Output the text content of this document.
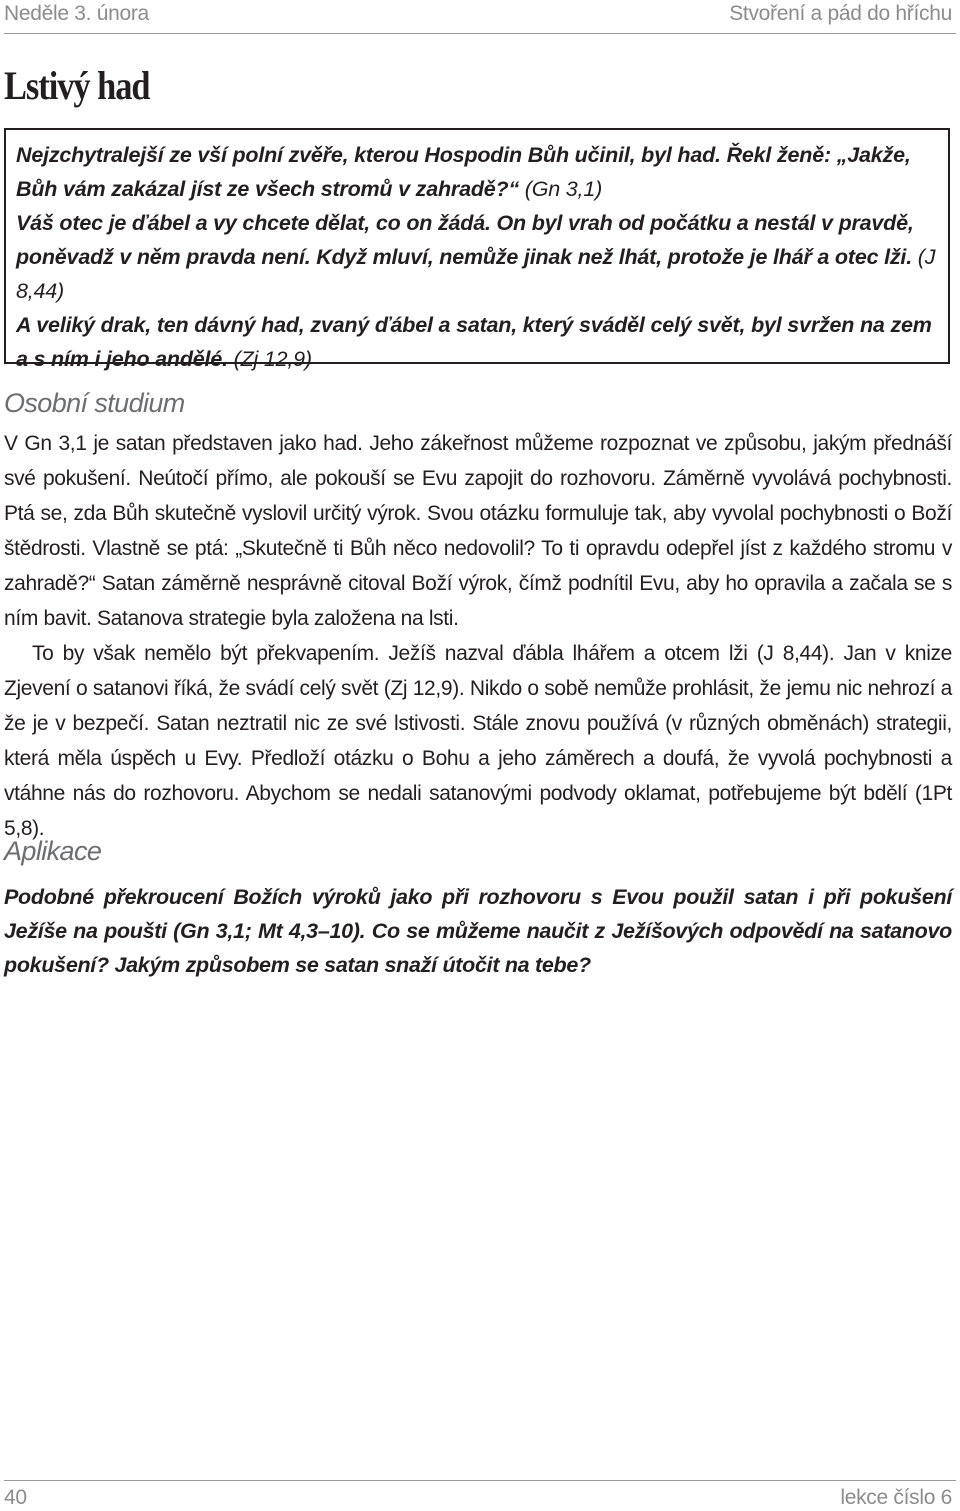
Neděle 3. února	Stvoření a pád do hříchu
Lstivý had

Nejzchytralejší ze vší polní zvěře, kterou Hospodin Bůh učinil, byl had. Řekl ženě: „Jakže, Bůh vám zakázal jíst ze všech stromů v zahradě?“ (Gn 3,1)

Váš otec je ďábel a vy chcete dělat, co on žádá. On byl vrah od počátku a nestál v pravdě, poněvadž v něm pravda není. Když mluví, nemůže jinak než lhát, protože je lhář a otec lži. (J 8,44)

A veliký drak, ten dávný had, zvaný ďábel a satan, který sváděl celý svět, byl svržen na zem a s ním i jeho andělé. (Zj 12,9)

Osobní studium

V Gn 3,1 je satan představen jako had. Jeho zákeřnost můžeme rozpoznat ve způsobu, jakým přednáší své pokušení. Neútočí přímo, ale pokouší se Evu zapojit do rozhovoru. Záměrně vyvolává pochybnosti. Ptá se, zda Bůh skutečně vyslovil určitý výrok. Svou otázku formuluje tak, aby vyvolal pochybnosti o Boží štědrosti. Vlastně se ptá: „Skutečně ti Bůh něco nedovolil? To ti opravdu odepřel jíst z každého stromu v zahradě?“ Satan záměrně nesprávně citoval Boží výrok, čímž podnítil Evu, aby ho opravila a začala se s ním bavit. Satanova strategie byla založena na lsti.

To by však nemělo být překvapením. Ježíš nazval ďábla lhářem a otcem lži (J 8,44). Jan v knize Zjevení o satanovi říká, že svádí celý svět (Zj 12,9). Nikdo o sobě nemůže prohlásit, že jemu nic nehrozí a že je v bezpečí. Satan neztratil nic ze své lstivosti. Stále znovu používá (v různých obměnách) strategii, která měla úspěch u Evy. Předloží otázku o Bohu a jeho záměrech a doufá, že vyvolá pochybnosti a vtáhne nás do rozhovoru. Abychom se nedali satanovými podvody oklamat, potřebujeme být bdělí (1Pt 5,8).

Aplikace
Podobné překroucení Božích výroků jako při rozhovoru s Evou použil satan i při pokušení Ježíše na poušti (Gn 3,1; Mt 4,3–10). Co se můžeme naučit z Ježíšových odpovědí na satanovo pokušení? Jakým způsobem se satan snaží útočit na tebe?
40	lekce číslo 6
